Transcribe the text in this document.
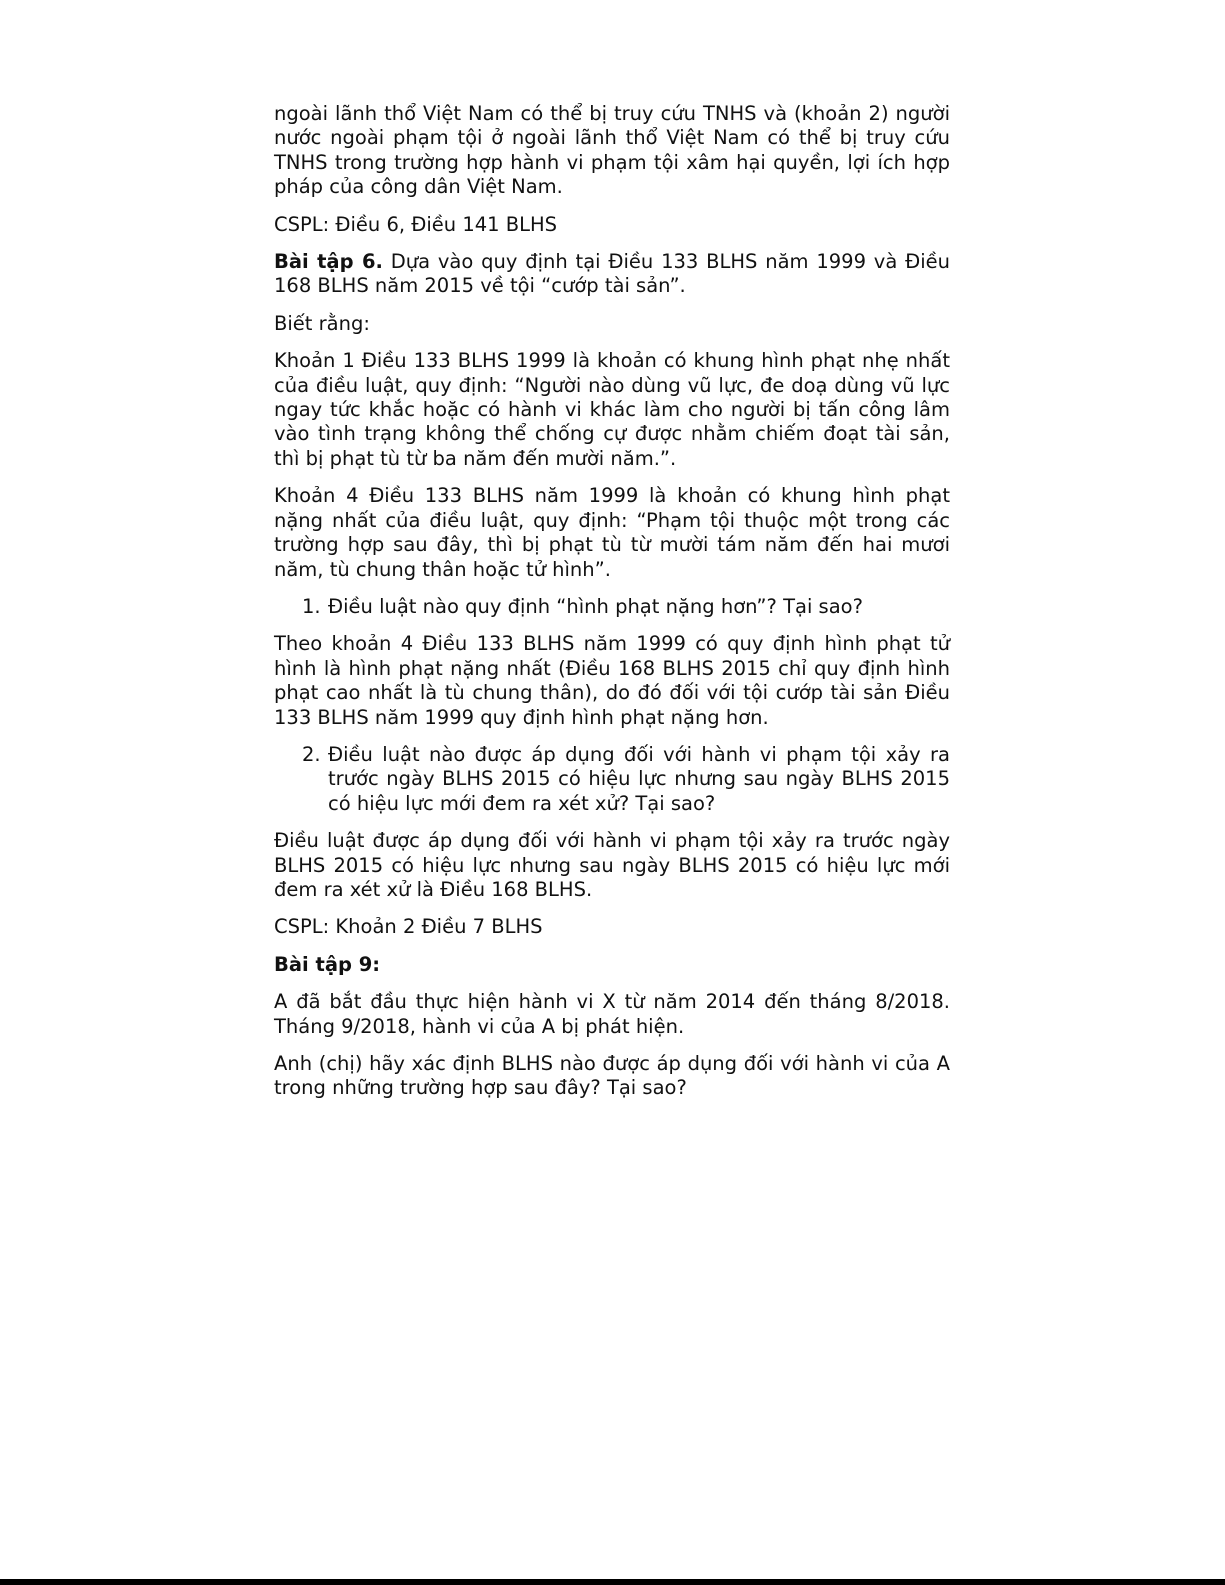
ngoài lãnh thổ Việt Nam có thể bị truy cứu TNHS và (khoản 2) người nước ngoài phạm tội ở ngoài lãnh thổ Việt Nam có thể bị truy cứu TNHS trong trường hợp hành vi phạm tội xâm hại quyền, lợi ích hợp pháp của công dân Việt Nam.

CSPL: Điều 6, Điều 141 BLHS

Bài tập 6. Dựa vào quy định tại Điều 133 BLHS năm 1999 và Điều 168 BLHS năm 2015 về tội “cướp tài sản”.

Biết rằng:

Khoản 1 Điều 133 BLHS 1999 là khoản có khung hình phạt nhẹ nhất của điều luật, quy định: “Người nào dùng vũ lực, đe doạ dùng vũ lực ngay tức khắc hoặc có hành vi khác làm cho người bị tấn công lâm vào tình trạng không thể chống cự được nhằm chiếm đoạt tài sản, thì bị phạt tù từ ba năm đến mười năm.”.

Khoản 4 Điều 133 BLHS năm 1999 là khoản có khung hình phạt nặng nhất của điều luật, quy định: “Phạm tội thuộc một trong các trường hợp sau đây, thì bị phạt tù từ mười tám năm đến hai mươi năm, tù chung thân hoặc tử hình”.

1. Điều luật nào quy định “hình phạt nặng hơn”? Tại sao?

Theo khoản 4 Điều 133 BLHS năm 1999 có quy định hình phạt tử hình là hình phạt nặng nhất (Điều 168 BLHS 2015 chỉ quy định hình phạt cao nhất là tù chung thân), do đó đối với tội cướp tài sản Điều 133 BLHS năm 1999 quy định hình phạt nặng hơn.

2. Điều luật nào được áp dụng đối với hành vi phạm tội xảy ra trước ngày BLHS 2015 có hiệu lực nhưng sau ngày BLHS 2015 có hiệu lực mới đem ra xét xử? Tại sao?

Điều luật được áp dụng đối với hành vi phạm tội xảy ra trước ngày BLHS 2015 có hiệu lực nhưng sau ngày BLHS 2015 có hiệu lực mới đem ra xét xử là Điều 168 BLHS.

CSPL: Khoản 2 Điều 7 BLHS

Bài tập 9:

A đã bắt đầu thực hiện hành vi X từ năm 2014 đến tháng 8/2018. Tháng 9/2018, hành vi của A bị phát hiện.

Anh (chị) hãy xác định BLHS nào được áp dụng đối với hành vi của A trong những trường hợp sau đây? Tại sao?
